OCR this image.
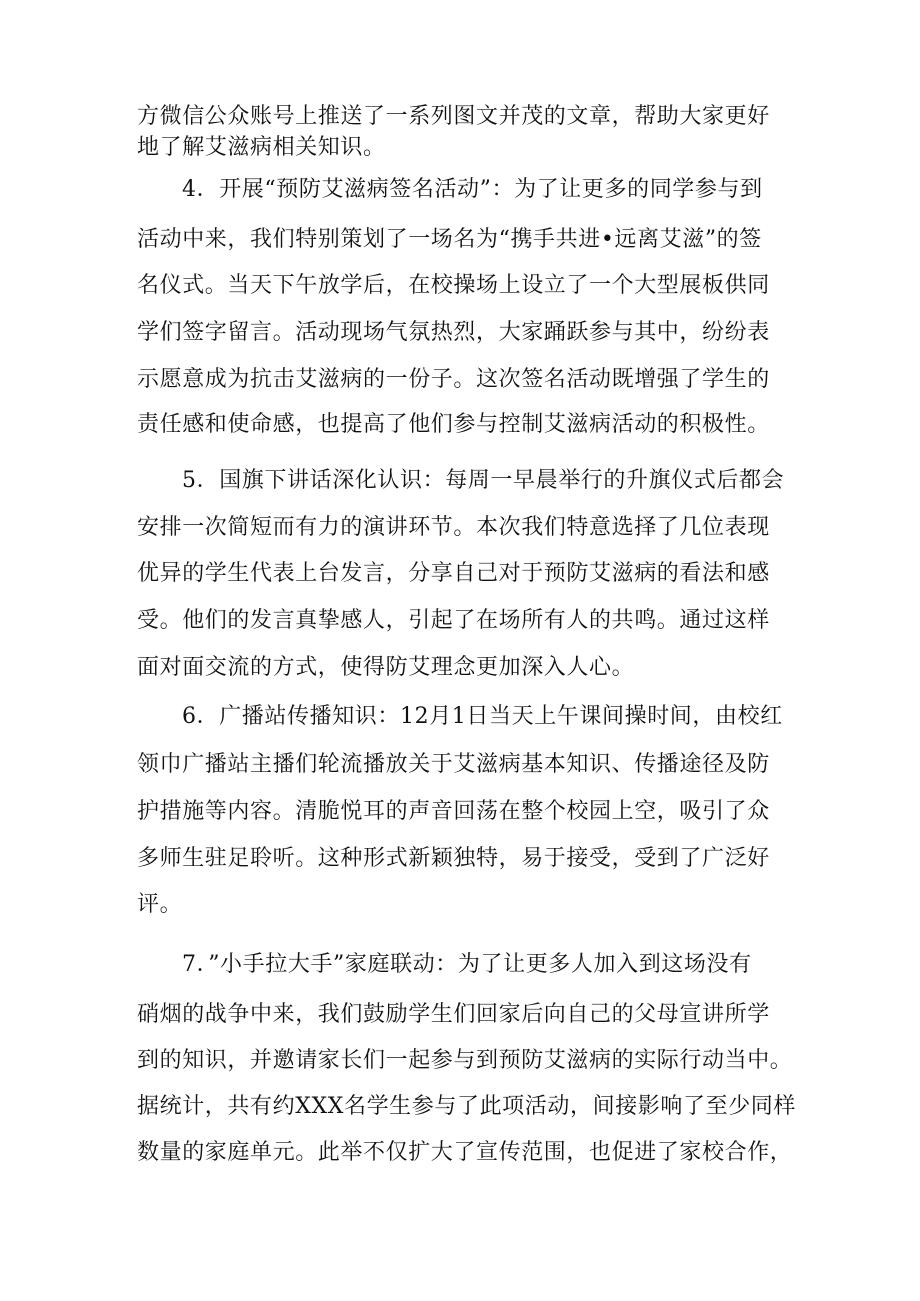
方微信公众账号上推送了一系列图文并茂的文章，帮助大家更好
地了解艾滋病相关知识。
4．开展“预防艾滋病签名活动”：为了让更多的同学参与到
活动中来，我们特别策划了一场名为“携手共进•远离艾滋”的签
名仪式。当天下午放学后，在校操场上设立了一个大型展板供同
学们签字留言。活动现场气氛热烈，大家踊跃参与其中，纷纷表
示愿意成为抗击艾滋病的一份子。这次签名活动既增强了学生的
责任感和使命感，也提高了他们参与控制艾滋病活动的积极性。
5．国旗下讲话深化认识：每周一早晨举行的升旗仪式后都会
安排一次简短而有力的演讲环节。本次我们特意选择了几位表现
优异的学生代表上台发言，分享自己对于预防艾滋病的看法和感
受。他们的发言真挚感人，引起了在场所有人的共鸣。通过这样
面对面交流的方式，使得防艾理念更加深入人心。
6．广播站传播知识：12月1日当天上午课间操时间，由校红
领巾广播站主播们轮流播放关于艾滋病基本知识、传播途径及防
护措施等内容。清脆悦耳的声音回荡在整个校园上空，吸引了众
多师生驻足聆听。这种形式新颖独特，易于接受，受到了广泛好
评。
7．”小手拉大手”家庭联动：为了让更多人加入到这场没有
硝烟的战争中来，我们鼓励学生们回家后向自己的父母宣讲所学
到的知识，并邀请家长们一起参与到预防艾滋病的实际行动当中。
据统计，共有约XXX名学生参与了此项活动，间接影响了至少同样
数量的家庭单元。此举不仅扩大了宣传范围，也促进了家校合作，
